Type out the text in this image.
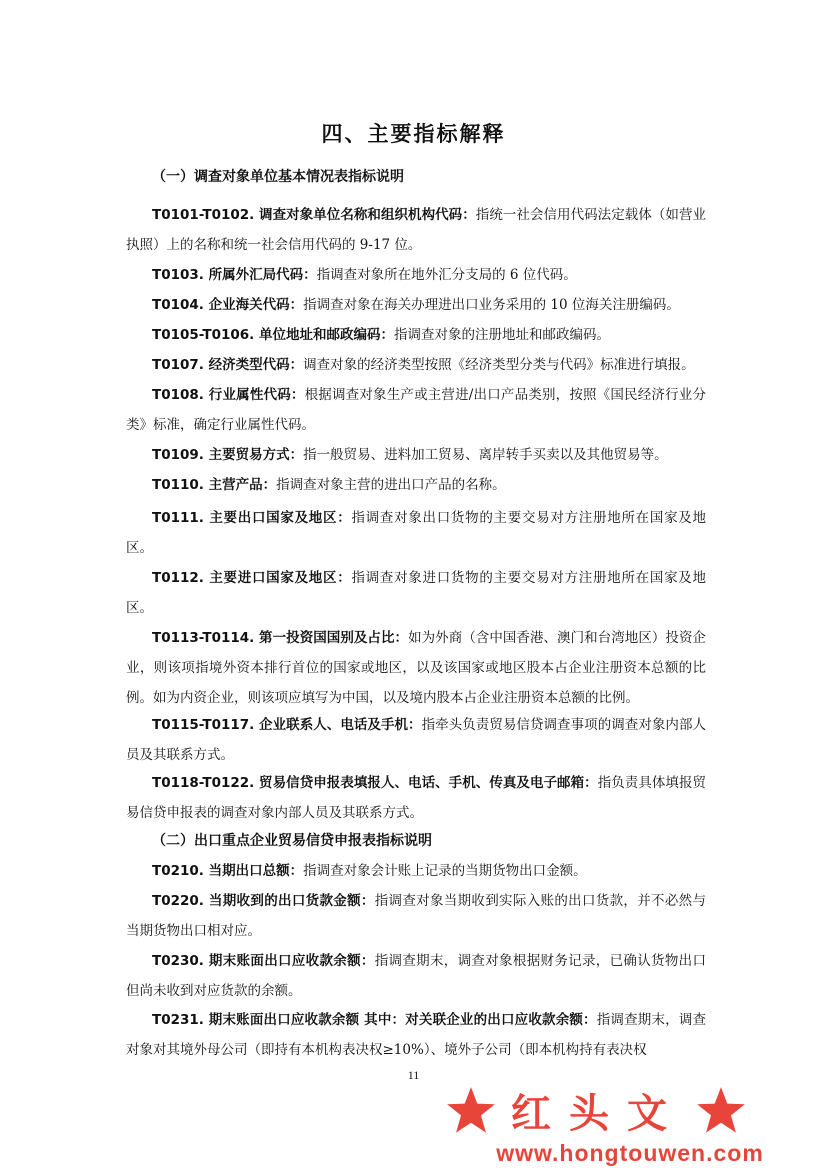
四、主要指标解释
（一）调查对象单位基本情况表指标说明

T0101-T0102. 调查对象单位名称和组织机构代码：指统一社会信用代码法定载体（如营业执照）上的名称和统一社会信用代码的 9-17 位。

T0103. 所属外汇局代码：指调查对象所在地外汇分支局的 6 位代码。

T0104. 企业海关代码：指调查对象在海关办理进出口业务采用的 10 位海关注册编码。

T0105-T0106. 单位地址和邮政编码：指调查对象的注册地址和邮政编码。

T0107. 经济类型代码：调查对象的经济类型按照《经济类型分类与代码》标准进行填报。

T0108. 行业属性代码：根据调查对象生产或主营进/出口产品类别，按照《国民经济行业分类》标准，确定行业属性代码。

T0109. 主要贸易方式：指一般贸易、进料加工贸易、离岸转手买卖以及其他贸易等。

T0110. 主营产品：指调查对象主营的进出口产品的名称。

T0111. 主要出口国家及地区：指调查对象出口货物的主要交易对方注册地所在国家及地区。

T0112. 主要进口国家及地区：指调查对象进口货物的主要交易对方注册地所在国家及地区。

T0113-T0114. 第一投资国国别及占比：如为外商（含中国香港、澳门和台湾地区）投资企业，则该项指境外资本排行首位的国家或地区，以及该国家或地区股本占企业注册资本总额的比例。如为内资企业，则该项应填写为中国，以及境内股本占企业注册资本总额的比例。

T0115-T0117. 企业联系人、电话及手机：指牵头负责贸易信贷调查事项的调查对象内部人员及其联系方式。

T0118-T0122. 贸易信贷申报表填报人、电话、手机、传真及电子邮箱：指负责具体填报贸易信贷申报表的调查对象内部人员及其联系方式。

（二）出口重点企业贸易信贷申报表指标说明

T0210. 当期出口总额：指调查对象会计账上记录的当期货物出口金额。

T0220. 当期收到的出口货款金额：指调查对象当期收到实际入账的出口货款，并不必然与当期货物出口相对应。

T0230. 期末账面出口应收款余额：指调查期末，调查对象根据财务记录，已确认货物出口但尚未收到对应货款的余额。

T0231. 期末账面出口应收款余额 其中：对关联企业的出口应收款余额：指调查期末，调查对象对其境外母公司（即持有本机构表决权≥10%）、境外子公司（即本机构持有表决权

11
红头文
www.hongtouwen.com
